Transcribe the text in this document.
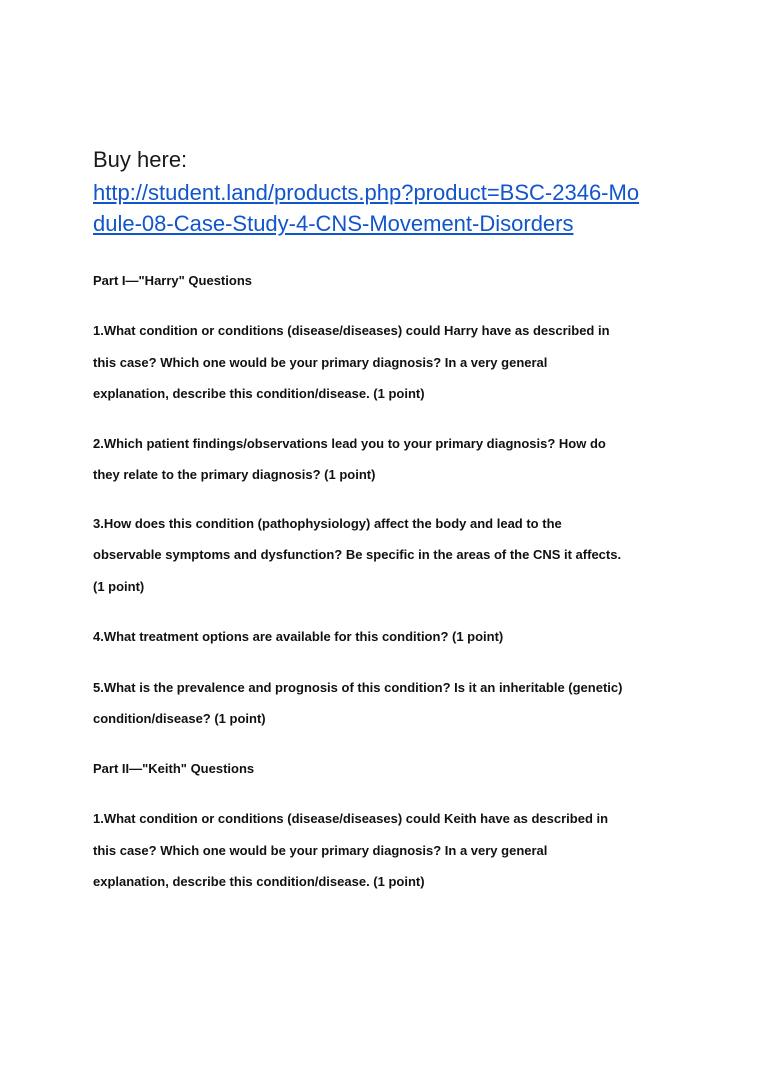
Buy here:
http://student.land/products.php?product=BSC-2346-Mo
dule-08-Case-Study-4-CNS-Movement-Disorders
Part I—"Harry" Questions
1.What condition or conditions (disease/diseases) could Harry have as described in
this case? Which one would be your primary diagnosis? In a very general
explanation, describe this condition/disease. (1 point)
2.Which patient findings/observations lead you to your primary diagnosis? How do
they relate to the primary diagnosis? (1 point)
3.How does this condition (pathophysiology) affect the body and lead to the
observable symptoms and dysfunction? Be specific in the areas of the CNS it affects.
(1 point)
4.What treatment options are available for this condition? (1 point)
5.What is the prevalence and prognosis of this condition? Is it an inheritable (genetic)
condition/disease? (1 point)
Part II—"Keith" Questions
1.What condition or conditions (disease/diseases) could Keith have as described in
this case? Which one would be your primary diagnosis? In a very general
explanation, describe this condition/disease. (1 point)
